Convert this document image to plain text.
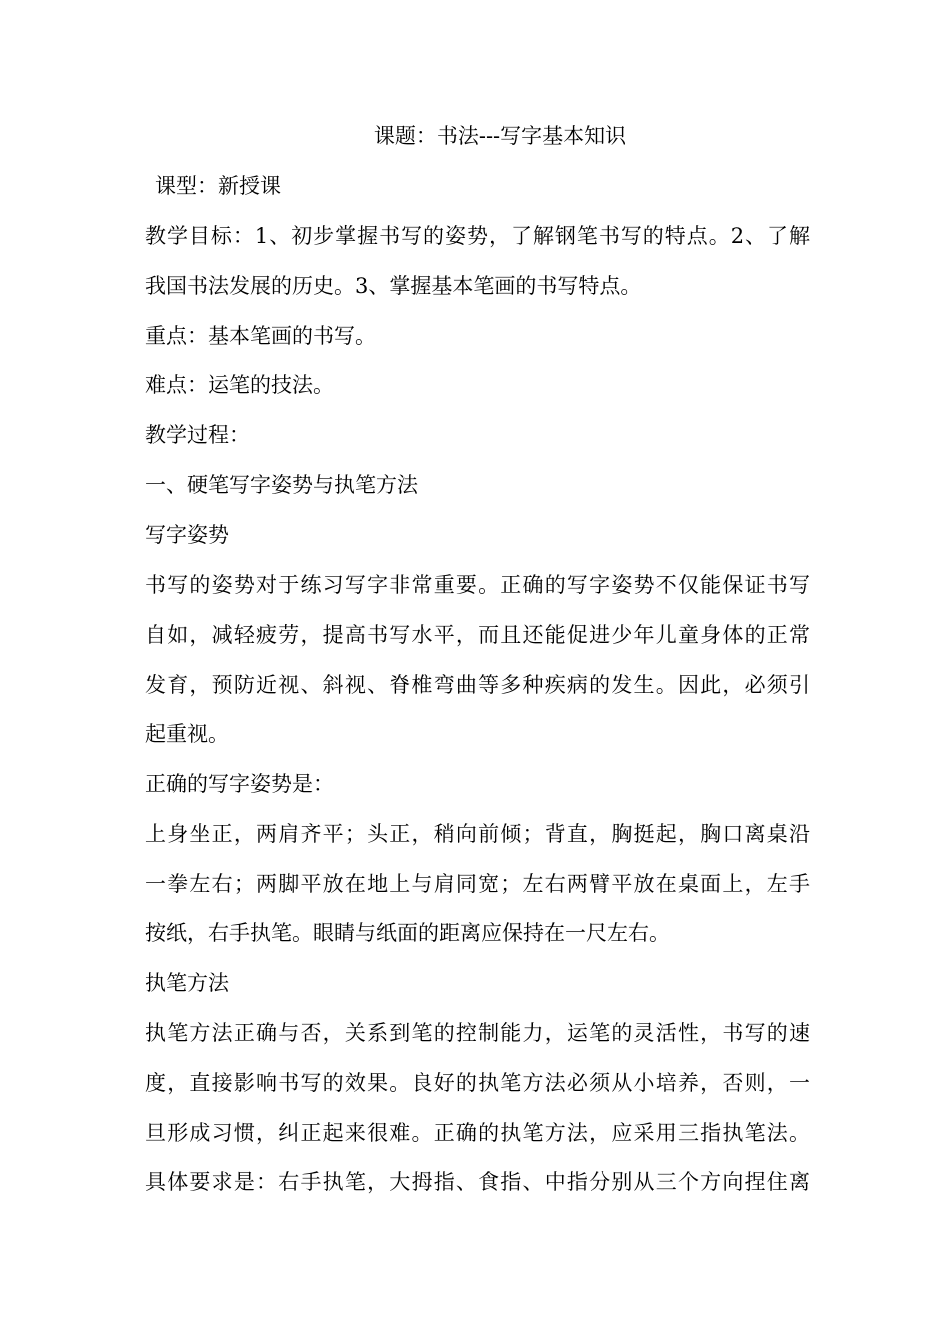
课题：书法---写字基本知识
课型：新授课
教学目标：1、初步掌握书写的姿势，了解钢笔书写的特点。2、了解
我国书法发展的历史。3、掌握基本笔画的书写特点。
重点：基本笔画的书写。
难点：运笔的技法。
教学过程：
一、硬笔写字姿势与执笔方法
写字姿势
书写的姿势对于练习写字非常重要。正确的写字姿势不仅能保证书写
自如，减轻疲劳，提高书写水平，而且还能促进少年儿童身体的正常
发育，预防近视、斜视、脊椎弯曲等多种疾病的发生。因此，必须引
起重视。
正确的写字姿势是：
上身坐正，两肩齐平；头正，稍向前倾；背直，胸挺起，胸口离桌沿
一拳左右；两脚平放在地上与肩同宽；左右两臂平放在桌面上，左手
按纸，右手执笔。眼睛与纸面的距离应保持在一尺左右。
执笔方法
执笔方法正确与否，关系到笔的控制能力，运笔的灵活性，书写的速
度，直接影响书写的效果。良好的执笔方法必须从小培养，否则，一
旦形成习惯，纠正起来很难。正确的执笔方法，应采用三指执笔法。
具体要求是：右手执笔，大拇指、食指、中指分别从三个方向捏住离
